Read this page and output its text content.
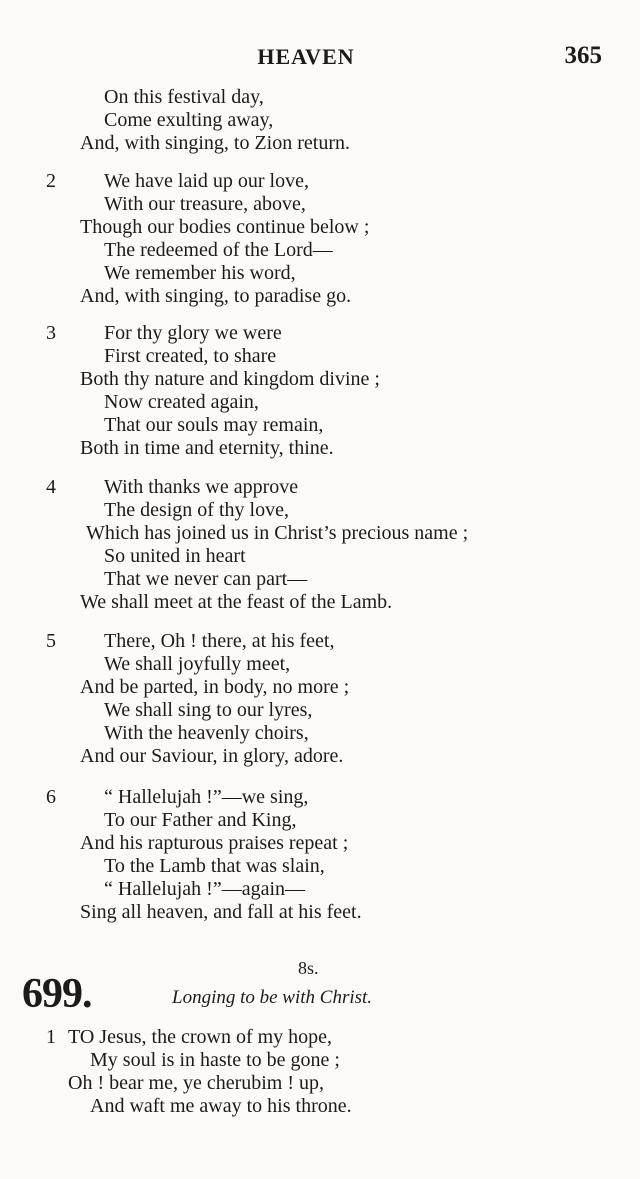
HEAVEN	365
On this festival day,
Come exulting away,
And, with singing, to Zion return.
2 We have laid up our love,
With our treasure, above,
Though our bodies continue below ;
The redeemed of the Lord—
We remember his word,
And, with singing, to paradise go.
3 For thy glory we were
First created, to share
Both thy nature and kingdom divine ;
Now created again,
That our souls may remain,
Both in time and eternity, thine.
4 With thanks we approve
The design of thy love,
Which has joined us in Christ’s precious name ;
So united in heart
That we never can part—
We shall meet at the feast of the Lamb.
5 There, Oh ! there, at his feet,
We shall joyfully meet,
And be parted, in body, no more ;
We shall sing to our lyres,
With the heavenly choirs,
And our Saviour, in glory, adore.
6 “ Hallelujah !”—we sing,
To our Father and King,
And his rapturous praises repeat ;
To the Lamb that was slain,
“ Hallelujah !”—again—
Sing all heaven, and fall at his feet.
8s.
699.	Longing to be with Christ.
1 TO Jesus, the crown of my hope,
My soul is in haste to be gone ;
Oh ! bear me, ye cherubim ! up,
And waft me away to his throne.
